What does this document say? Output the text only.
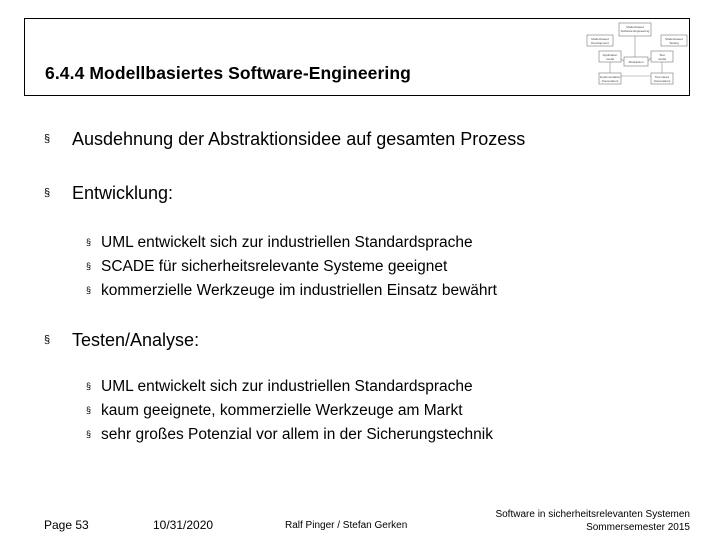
6.4.4 Modellbasiertes Software-Engineering
Model-based
Software Engineering
Model-based
Development
Model-based
Testing
Application
model
Abstraction
Test
model
Implementation
(Generation)
Test cases
(Generation)
§ Ausdehnung der Abstraktionsidee auf gesamten Prozess
§ Entwicklung:
§ UML entwickelt sich zur industriellen Standardsprache
§ SCADE für sicherheitsrelevante Systeme geeignet
§ kommerzielle Werkzeuge im industriellen Einsatz bewährt
§ Testen/Analyse:
§ UML entwickelt sich zur industriellen Standardsprache
§ kaum geeignete, kommerzielle Werkzeuge am Markt
§ sehr großes Potenzial vor allem in der Sicherungstechnik
Page 53	10/31/2020	Ralf Pinger / Stefan Gerken
Software in sicherheitsrelevanten Systemen
Sommersemester 2015
